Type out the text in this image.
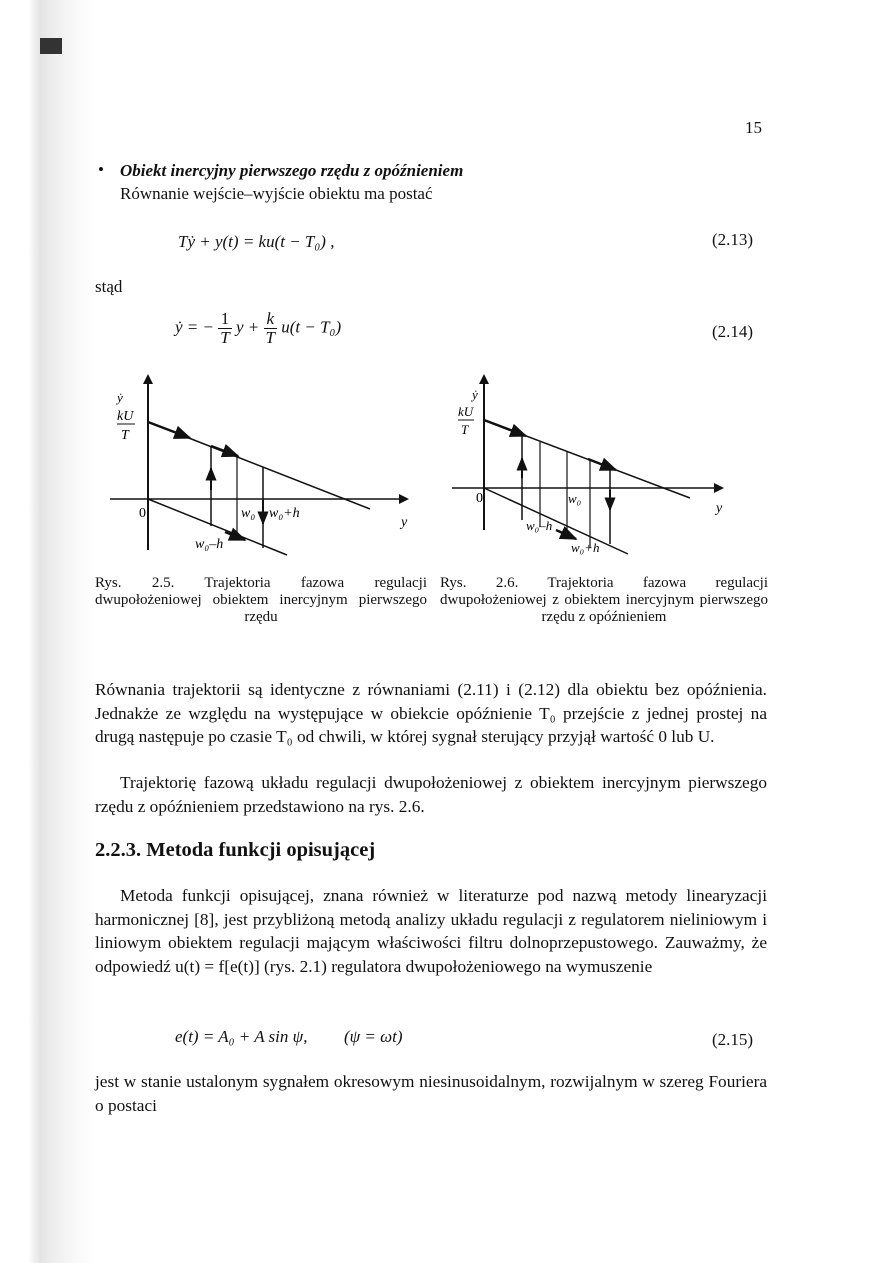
15
• Obiekt inercyjny pierwszego rzędu z opóźnieniem
Równanie wejście–wyjście obiektu ma postać
Tẏ + y(t) = ku(t − T₀) ,	(2.13)
stąd
ẏ = − $\frac{1}{T}$ $y + \frac{k}{T} u(t - T_0)$	(2.14)
ẏ
kU
T
0
y
w₀
w₀–h
w₀+h
ẏ
kU
T
0
y
w₀
w₀–h
w₀+h

Rys. 2.5. Trajektoria fazowa regulacji dwupołożeniowej obiektem inercyjnym pierwszego rzędu

Rys. 2.6. Trajektoria fazowa regulacji dwupołożeniowej z obiektem inercyjnym pierwszego rzędu z opóźnieniem

Równania trajektorii są identyczne z równaniami (2.11) i (2.12) dla obiektu bez opóźnienia. Jednakże ze względu na występujące w obiekcie opóźnienie T₀ przejście z jednej prostej na drugą następuje po czasie T₀ od chwili, w której sygnał sterujący przyjął wartość 0 lub U.

Trajektorię fazową układu regulacji dwupołożeniowej z obiektem inercyjnym pierwszego rzędu z opóźnieniem przedstawiono na rys. 2.6.

2.2.3. Metoda funkcji opisującej

Metoda funkcji opisującej, znana również w literaturze pod nazwą metody linearyzacji harmonicznej [8], jest przybliżoną metodą analizy układu regulacji z regulatorem nieliniowym i liniowym obiektem regulacji mającym właściwości filtru dolnoprzepustowego. Zauważmy, że odpowiedź u(t) = f[e(t)] (rys. 2.1) regulatora dwupołożeniowego na wymuszenie

e(t) = A₀ + A sin ψ, (ψ = ωt)	(2.15)

jest w stanie ustalonym sygnałem okresowym niesinusoidalnym, rozwijalnym w szereg Fouriera o postaci
